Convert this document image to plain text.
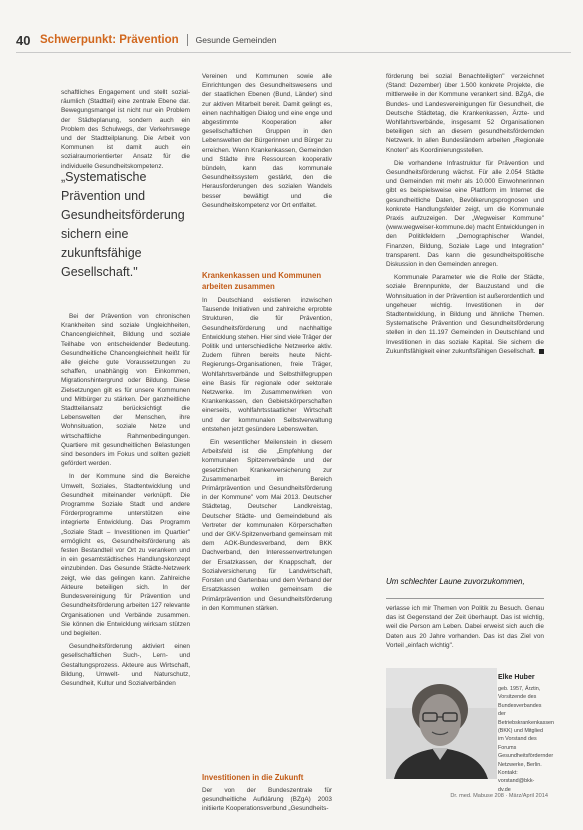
40 Schwerpunkt: Prävention Gesunde Gemeinden

schaftliches Engagement und stellt sozial- räumlich (Stadtteil) eine zentrale Ebene dar. Bewegungsmangel ist nicht nur ein Problem der Städteplanung, sondern auch ein Problem des Schulwegs, der Verkehrswege und der Stadtteilplanung. Die Arbeit von Kommunen ist damit auch ein sozialraumorientierter Ansatz für die individuelle Gesundheitskompetenz.

„Systematische Prävention und Gesundheitsförderung sichern eine zukunftsfähige Gesellschaft."

Bei der Prävention von chronischen Krankheiten sind soziale Ungleichheiten, Chancengleichheit, Bildung und soziale Teilhabe von entscheidender Bedeutung. Gesundheitliche Chancengleichheit heißt für alle gleiche gute Voraussetzungen zu schaffen, unabhängig von Einkommen, Migrationshintergrund oder Bildung. Diese Zielsetzungen gilt es für unsere Kommunen und Mitbürger zu stärken. Der ganzheitliche Stadtteilansatz berücksichtigt die Lebenswelten der Menschen, ihre Wohnsituation, soziale Netze und wirtschaftliche Rahmenbedingungen. Quartiere mit gesundheitlichen Belastungen sind besonders im Fokus und sollten gezielt gefördert werden.

In der Kommune sind die Bereiche Umwelt, Soziales, Stadtentwicklung und Gesundheit miteinander verknüpft. Die Programme Soziale Stadt und andere Förderprogramme unterstützen eine integrierte Entwicklung. Das Programm „Soziale Stadt – Investitionen im Quartier" ermöglicht es, Gesundheitsförderung als festen Bestandteil vor Ort zu verankern und in ein gesamtstädtisches Handlungskonzept einzubinden. Das Gesunde Städte-Netzwerk zeigt, wie das gelingen kann. Zahlreiche Akteure beteiligen sich. In der Bundesvereinigung für Prävention und Gesundheitsförderung arbeiten 127 relevante Organisationen und Verbände zusammen. Sie können die Entwicklung wirksam stützen und begleiten.

Gesundheitsförderung aktiviert einen gesellschaftlichen Such-, Lern- und Gestaltungsprozess. Akteure aus Wirtschaft, Bildung, Umwelt- und Naturschutz, Gesundheit, Kultur und Sozialverbänden

Vereinen und Kommunen sowie alle Einrichtungen des Gesundheitswesens und der staatlichen Ebenen (Bund, Länder) sind zur aktiven Mitarbeit bereit. Damit gelingt es, einen nachhaltigen Dialog und eine enge und abgestimmte Kooperation aller gesellschaftlichen Gruppen in den Lebenswelten der Bürgerinnen und Bürger zu erreichen. Wenn Krankenkassen, Gemeinden und Städte ihre Ressourcen kooperativ bündeln, kann das kommunale Gesundheitssystem gestärkt, den die Herausforderungen des sozialen Wandels besser bewältigt und die Gesundheitskompetenz vor Ort entfaltet.

Krankenkassen und Kommunen arbeiten zusammen

In Deutschland existieren inzwischen Tausende Initiativen und zahlreiche erprobte Strukturen, die für Prävention, Gesundheitsförderung und nachhaltige Entwicklung stehen. Hier sind viele Träger der Politik und unterschiedliche Netzwerke aktiv. Zudem führen bereits heute Nicht-Regierungs-Organisationen, freie Träger, Wohlfahrtsverbände und Selbsthilfegruppen eine Basis für regionale oder sektorale Netzwerke. Im Zusammenwirken von Krankenkassen, den Gebietskörperschaften einerseits, wohlfahrtsstaatlicher Wirtschaft und der kommunalen Selbstverwaltung entstehen jetzt gesündere Lebenswelten.

Ein wesentlicher Meilenstein in diesem Arbeitsfeld ist die „Empfehlung der kommunalen Spitzenverbände und der gesetzlichen Krankenversicherung zur Zusammenarbeit im Bereich Primärprävention und Gesundheitsförderung in der Kommune" vom Mai 2013. Deutscher Städtetag, Deutscher Landkreistag, Deutscher Städte- und Gemeindebund als Vertreter der kommunalen Körperschaften und der GKV-Spitzenverband gemeinsam mit dem AOK-Bundesverband, dem BKK Dachverband, den Interessenvertretungen der Ersatzkassen, der Knappschaft, der Sozialversicherung für Landwirtschaft, Forsten und Gartenbau und dem Verband der Ersatzkassen wollen gemeinsam die Primärprävention und Gesundheitsförderung in den Kommunen stärken.

Investitionen in die Zukunft

Der von der Bundeszentrale für gesundheitliche Aufklärung (BZgA) 2003 initiierte Kooperationsverbund „Gesundheits-

förderung bei sozial Benachteiligten" verzeichnet (Stand: Dezember) über 1.500 konkrete Projekte, die mittlerweile in der Kommune verankert sind. BZgA, die Bundes- und Landesvereinigungen für Gesundheit, die Deutsche Städtetag, die Krankenkassen, Ärzte- und Wohlfahrtsverbände, insgesamt 52 Organisationen beteiligen sich an diesem gesundheitsfördernden Netzwerk. In allen Bundesländern arbeiten „Regionale Knoten" als Koordinierungsstellen.

Die vorhandene Infrastruktur für Prävention und Gesundheitsförderung wächst. Für alle 2.054 Städte und Gemeinden mit mehr als 10.000 Einwohnerinnen gibt es beispielsweise eine Plattform im Internet die gesundheitliche Daten, Bevölkerungsprognosen und konkrete Handlungsfelder zeigt, um die Kommunale Praxis aufzuzeigen. Der „Wegweiser Kommune" (www.wegweiser-kommune.de) macht Entwicklungen in den Politikfeldern „Demographischer Wandel, Finanzen, Bildung, Soziale Lage und Integration" transparent. Das kann die gesundheitspolitische Diskussion in den Gemeinden anregen.

Kommunale Parameter wie die Rolle der Städte, soziale Brennpunkte, der Bauzustand und die Wohnsituation in der Prävention ist außerordentlich und ungeheuer wichtig. Investitionen in der Stadtentwicklung, in Bildung und ähnliche Themen. Systematische Prävention und Gesundheitsförderung stellen in den 11.197 Gemeinden in Deutschland und Investitionen in das soziale Kapital. Sie sichern die Zukunftsfähigkeit einer zukunftsfähigen Gesellschaft.

Um schlechter Laune zuvorzukommen,

verlasse ich mir Themen von Politik zu Besuch. Genau das ist Gegenstand der Zeit überhaupt. Das ist wichtig, weil die Person am Leben. Dabei erweist sich auch die Daten aus 20 Jahre vorhanden. Das ist das Ziel von Vorteil „einfach wichtig".

Elke Huber
geb. 1957, Ärztin, Vorsitzende des Bundesverbandes der Betriebskrankenkassen (BKK) und Mitglied im Vorstand des Forums Gesundheitsfördernder Netzwerke, Berlin. Kontakt: vorstand@bkk-dv.de
Dr. med. Mabuse 208 · März/April 2014
